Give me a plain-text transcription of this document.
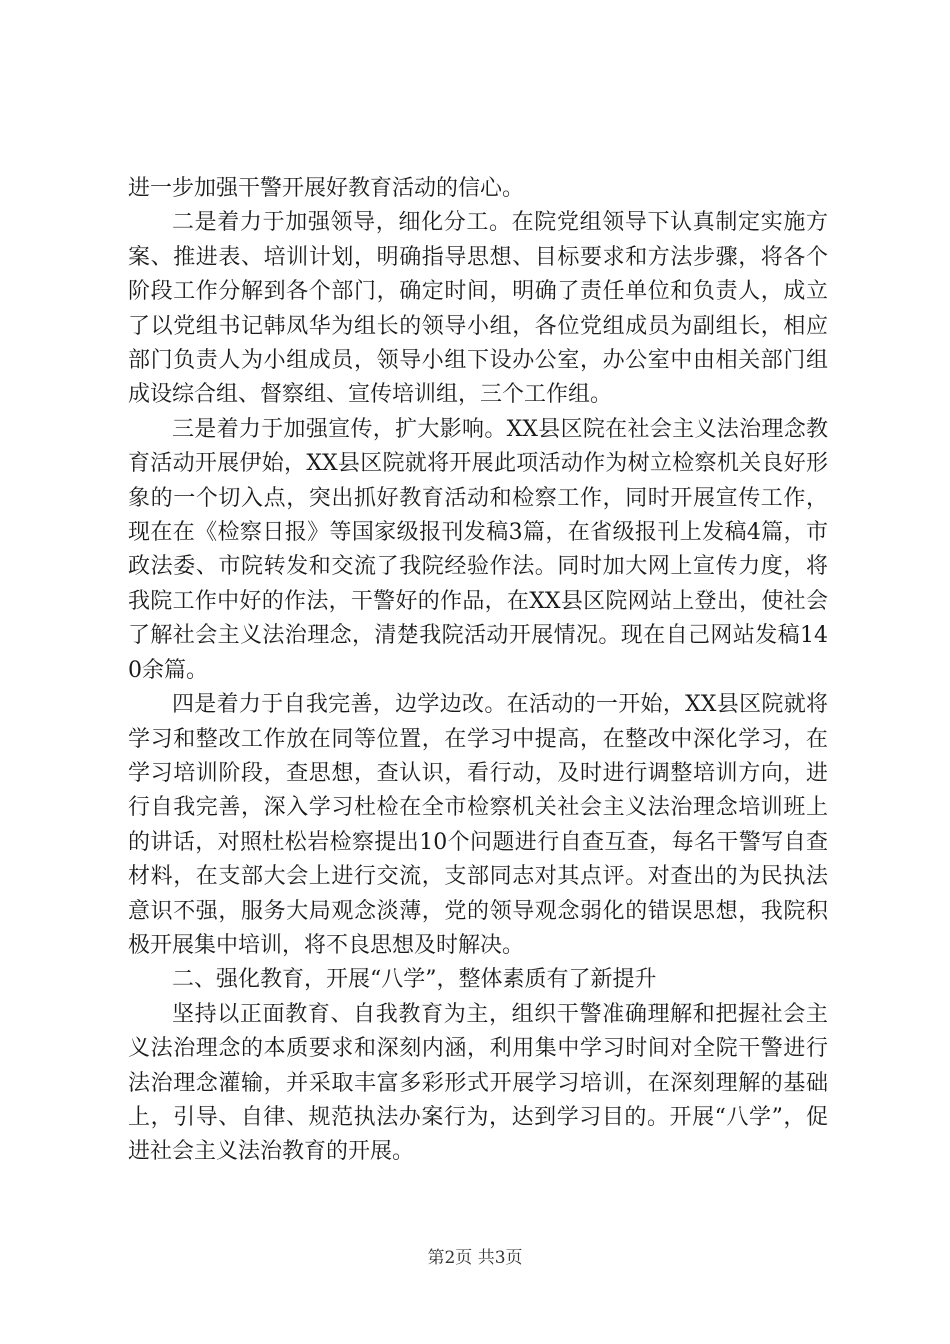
进一步加强干警开展好教育活动的信心。

二是着力于加强领导，细化分工。在院党组领导下认真制定实施方案、推进表、培训计划，明确指导思想、目标要求和方法步骤，将各个阶段工作分解到各个部门，确定时间，明确了责任单位和负责人，成立了以党组书记韩凤华为组长的领导小组，各位党组成员为副组长，相应部门负责人为小组成员，领导小组下设办公室，办公室中由相关部门组成设综合组、督察组、宣传培训组，三个工作组。

三是着力于加强宣传，扩大影响。XX县区院在社会主义法治理念教育活动开展伊始，XX县区院就将开展此项活动作为树立检察机关良好形象的一个切入点，突出抓好教育活动和检察工作，同时开展宣传工作，现在在《检察日报》等国家级报刊发稿3篇，在省级报刊上发稿4篇，市政法委、市院转发和交流了我院经验作法。同时加大网上宣传力度，将我院工作中好的作法，干警好的作品，在XX县区院网站上登出，使社会了解社会主义法治理念，清楚我院活动开展情况。现在自己网站发稿140余篇。

四是着力于自我完善，边学边改。在活动的一开始，XX县区院就将学习和整改工作放在同等位置，在学习中提高，在整改中深化学习，在学习培训阶段，查思想，查认识，看行动，及时进行调整培训方向，进行自我完善，深入学习杜检在全市检察机关社会主义法治理念培训班上的讲话，对照杜松岩检察提出10个问题进行自查互查，每名干警写自查材料，在支部大会上进行交流，支部同志对其点评。对查出的为民执法意识不强，服务大局观念淡薄，党的领导观念弱化的错误思想，我院积极开展集中培训，将不良思想及时解决。

二、强化教育，开展“八学”，整体素质有了新提升

坚持以正面教育、自我教育为主，组织干警准确理解和把握社会主义法治理念的本质要求和深刻内涵，利用集中学习时间对全院干警进行法治理念灌输，并采取丰富多彩形式开展学习培训，在深刻理解的基础上，引导、自律、规范执法办案行为，达到学习目的。开展“八学”，促进社会主义法治教育的开展。

第2页 共3页
